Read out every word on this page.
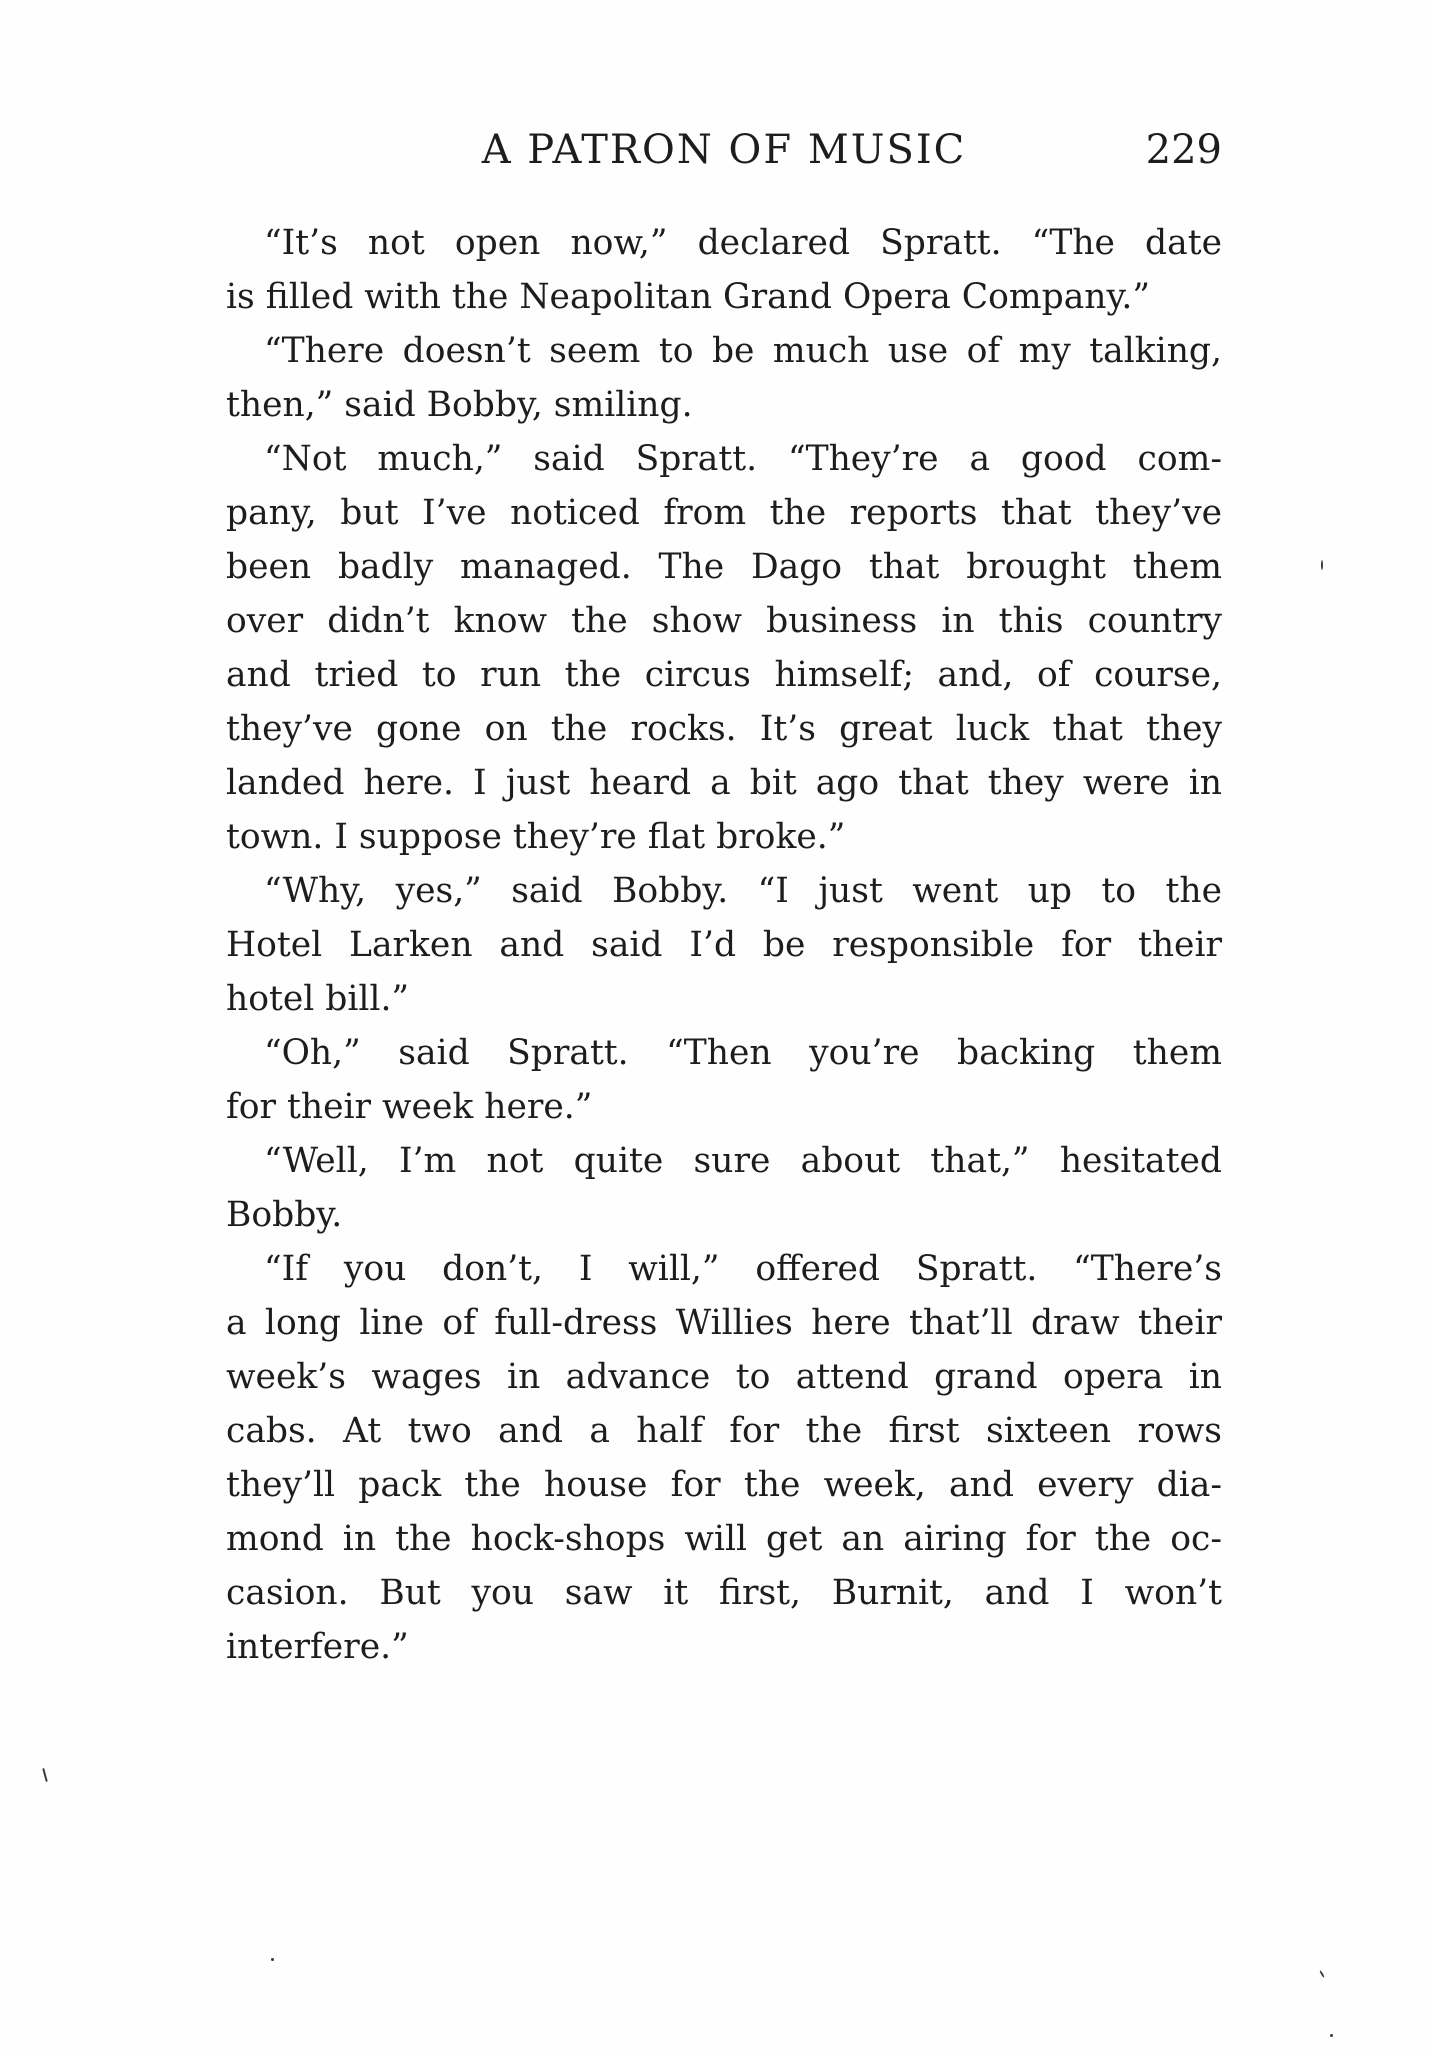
A PATRON OF MUSIC	229
“It’s not open now,” declared Spratt. “The date
is filled with the Neapolitan Grand Opera Company.”
“There doesn’t seem to be much use of my talking,
then,” said Bobby, smiling.
“Not much,” said Spratt. “They’re a good com-
pany, but I’ve noticed from the reports that they’ve
been badly managed. The Dago that brought them
over didn’t know the show business in this country
and tried to run the circus himself; and, of course,
they’ve gone on the rocks. It’s great luck that they
landed here. I just heard a bit ago that they were in
town. I suppose they’re flat broke.”
“Why, yes,” said Bobby. “I just went up to the
Hotel Larken and said I’d be responsible for their
hotel bill.”
“Oh,” said Spratt. “Then you’re backing them
for their week here.”
“Well, I’m not quite sure about that,” hesitated
Bobby.
“If you don’t, I will,” offered Spratt. “There’s
a long line of full-dress Willies here that’ll draw their
week’s wages in advance to attend grand opera in
cabs. At two and a half for the first sixteen rows
they’ll pack the house for the week, and every dia-
mond in the hock-shops will get an airing for the oc-
casion. But you saw it first, Burnit, and I won’t
interfere.”
